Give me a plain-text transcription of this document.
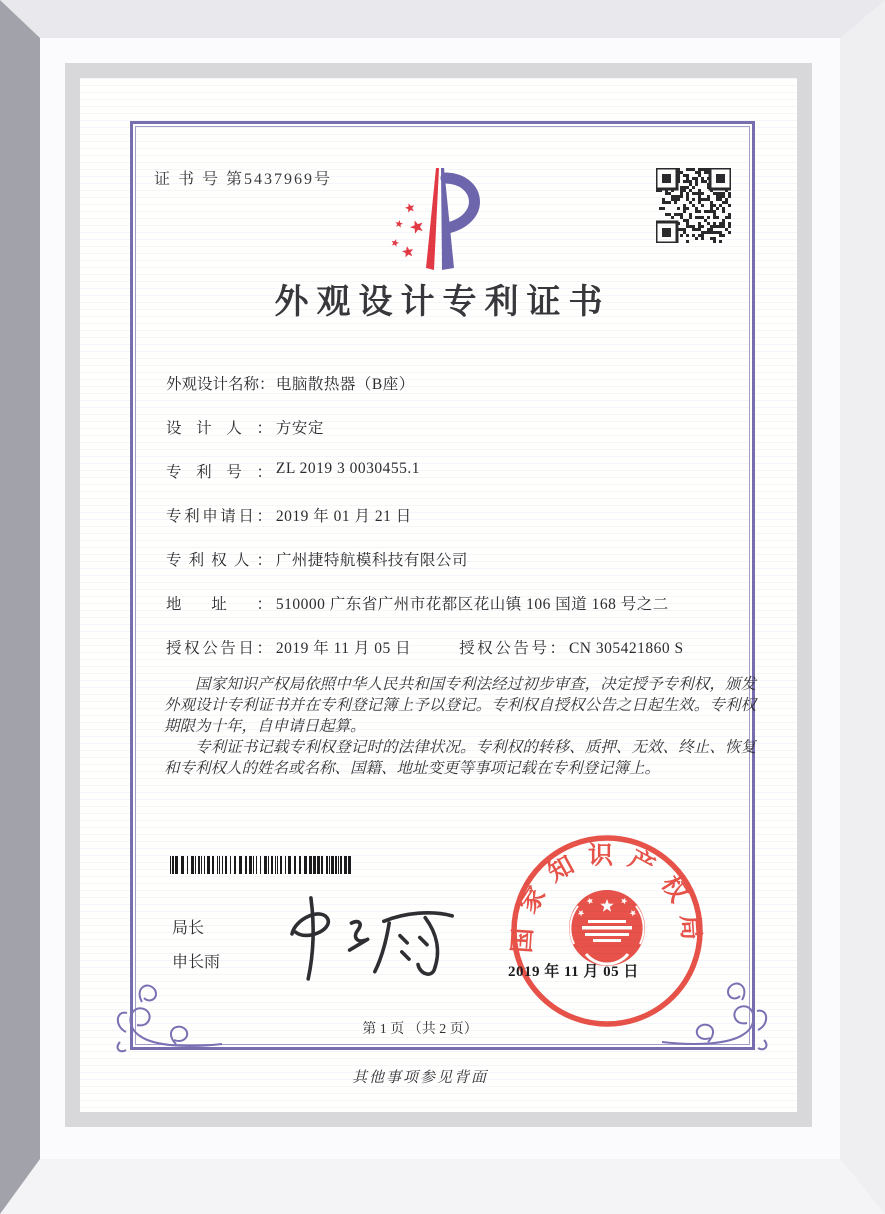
证 书 号 第5437969号
外观设计专利证书
外观设计名称： 电脑散热器（B座）
设计人： 方安定
专利号： ZL 2019 3 0030455.1
专利申请日： 2019 年 01 月 21 日
专利权人： 广州捷特航模科技有限公司
地址： 510000 广东省广州市花都区花山镇 106 国道 168 号之二
授权公告日： 2019 年 11 月 05 日	授权公告号： CN 305421860 S

国家知识产权局依照中华人民共和国专利法经过初步审查，决定授予专利权，颁发外观设计专利证书并在专利登记簿上予以登记。专利权自授权公告之日起生效。专利权期限为十年，自申请日起算。

专利证书记载专利权登记时的法律状况。专利权的转移、质押、无效、终止、恢复和专利权人的姓名或名称、国籍、地址变更等事项记载在专利登记簿上。

局长
申长雨
国家知识产权局
2019 年 11 月 05 日
第 1 页 （共 2 页）
其他事项参见背面
